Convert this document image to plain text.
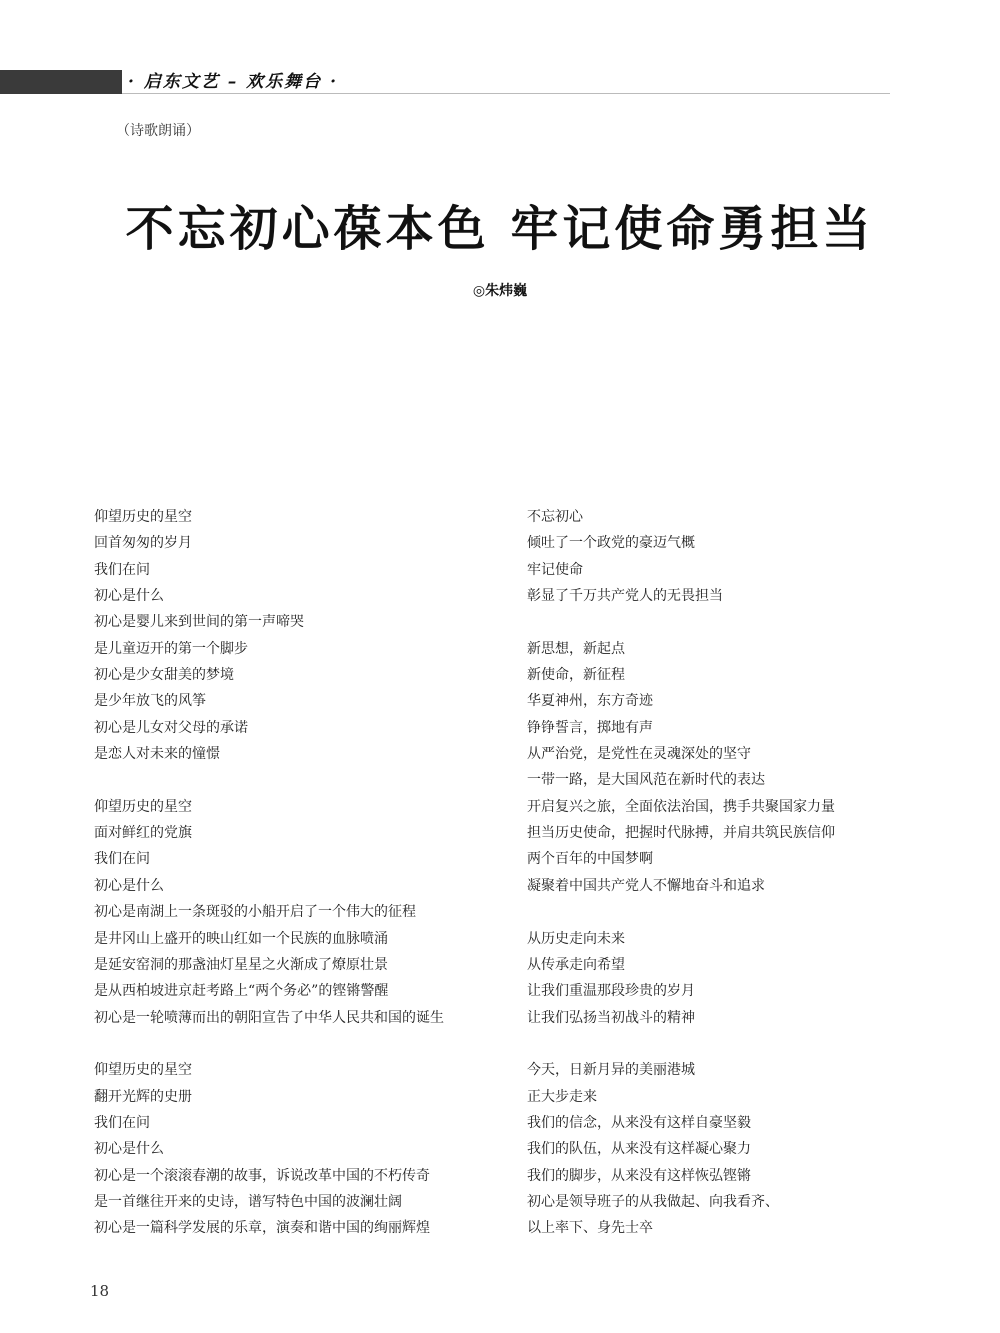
· 启东文艺 – 欢乐舞台 ·
（诗歌朗诵）
不忘初心葆本色 牢记使命勇担当
◎朱炜巍
仰望历史的星空
回首匆匆的岁月
我们在问
初心是什么
初心是婴儿来到世间的第一声啼哭
是儿童迈开的第一个脚步
初心是少女甜美的梦境
是少年放飞的风筝
初心是儿女对父母的承诺
是恋人对未来的憧憬
仰望历史的星空
面对鲜红的党旗
我们在问
初心是什么
初心是南湖上一条斑驳的小船开启了一个伟大的征程
是井冈山上盛开的映山红如一个民族的血脉喷涌
是延安窑洞的那盏油灯星星之火渐成了燎原壮景
是从西柏坡进京赶考路上“两个务必”的铿锵警醒
初心是一轮喷薄而出的朝阳宣告了中华人民共和国的诞生
仰望历史的星空
翻开光辉的史册
我们在问
初心是什么
初心是一个滚滚春潮的故事，诉说改革中国的不朽传奇
是一首继往开来的史诗，谱写特色中国的波澜壮阔
初心是一篇科学发展的乐章，演奏和谐中国的绚丽辉煌
不忘初心
倾吐了一个政党的豪迈气概
牢记使命
彰显了千万共产党人的无畏担当
新思想，新起点
新使命，新征程
华夏神州，东方奇迹
铮铮誓言，掷地有声
从严治党，是党性在灵魂深处的坚守
一带一路，是大国风范在新时代的表达
开启复兴之旅，全面依法治国，携手共聚国家力量
担当历史使命，把握时代脉搏，并肩共筑民族信仰
两个百年的中国梦啊
凝聚着中国共产党人不懈地奋斗和追求
从历史走向未来
从传承走向希望
让我们重温那段珍贵的岁月
让我们弘扬当初战斗的精神
今天，日新月异的美丽港城
正大步走来
我们的信念，从来没有这样自豪坚毅
我们的队伍，从来没有这样凝心聚力
我们的脚步，从来没有这样恢弘铿锵
初心是领导班子的从我做起、向我看齐、
以上率下、身先士卒
18
